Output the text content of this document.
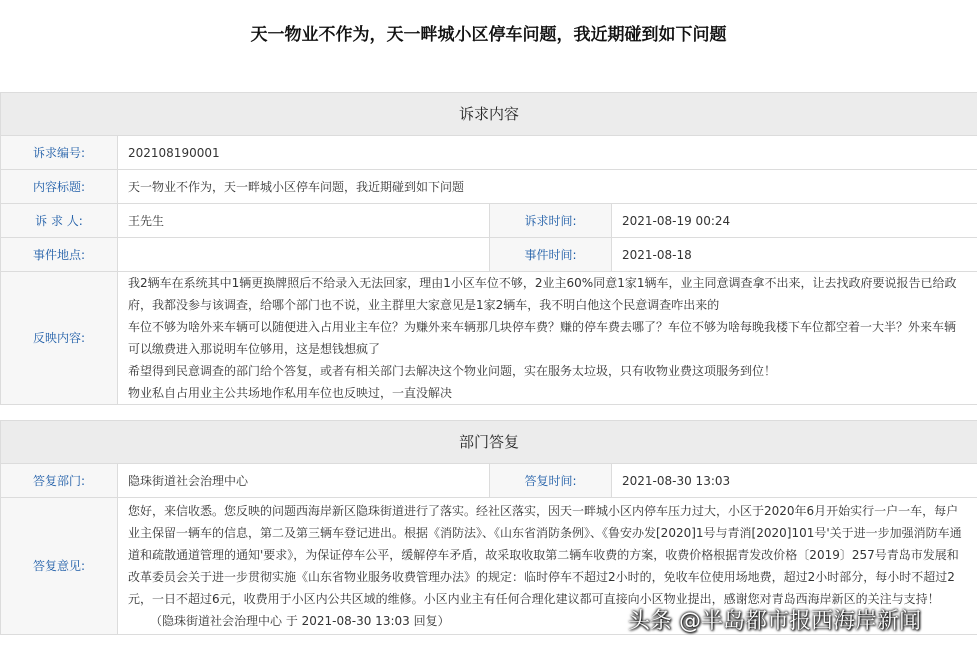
天一物业不作为，天一畔城小区停车问题，我近期碰到如下问题
诉求内容			
诉求编号:	202108190001		
内容标题:	天一物业不作为，天一畔城小区停车问题，我近期碰到如下问题		
诉 求 人:	王先生	诉求时间:	2021-08-19 00:24
事件地点:		事件时间:	2021-08-18
反映内容:	我2辆车在系统其中1辆更换牌照后不给录入无法回家，理由1小区车位不够，2业主60%同意1家1辆车，业主同意调查拿不出来，让去找政府要说报告已给政府，我都没参与该调查，给哪个部门也不说，业主群里大家意见是1家2辆车，我不明白他这个民意调查咋出来的

车位不够为啥外来车辆可以随便进入占用业主车位？为赚外来车辆那几块停车费？赚的停车费去哪了？车位不够为啥每晚我楼下车位都空着一大半？外来车辆可以缴费进入那说明车位够用，这是想钱想疯了

希望得到民意调查的部门给个答复，或者有相关部门去解决这个物业问题，实在服务太垃圾，只有收物业费这项服务到位！

物业私自占用业主公共场地作私用车位也反映过，一直没解决		

部门答复			
答复部门:	隐珠街道社会治理中心	答复时间:	2021-08-30 13:03
答复意见:	您好，来信收悉。您反映的问题西海岸新区隐珠街道进行了落实。经社区落实，因天一畔城小区内停车压力过大，小区于2020年6月开始实行一户一车，每户业主保留一辆车的信息，第二及第三辆车登记进出。根据《消防法》、《山东省消防条例》、《鲁安办发[2020]1号与青消[2020]101号'关于进一步加强消防车通道和疏散通道管理的通知'要求》，为保证停车公平，缓解停车矛盾，故采取收取第二辆车收费的方案，收费价格根据青发改价格〔2019〕257号青岛市发展和改革委员会关于进一步贯彻实施《山东省物业服务收费管理办法》的规定：临时停车不超过2小时的，免收车位使用场地费，超过2小时部分，每小时不超过2元，一日不超过6元，收费用于小区内公共区域的维修。小区内业主有任何合理化建议都可直接向小区物业提出，感谢您对青岛西海岸新区的关注与支持！

（隐珠街道社会治理中心 于 2021-08-30 13:03 回复）			头条 @半岛都市报西海岸新闻
